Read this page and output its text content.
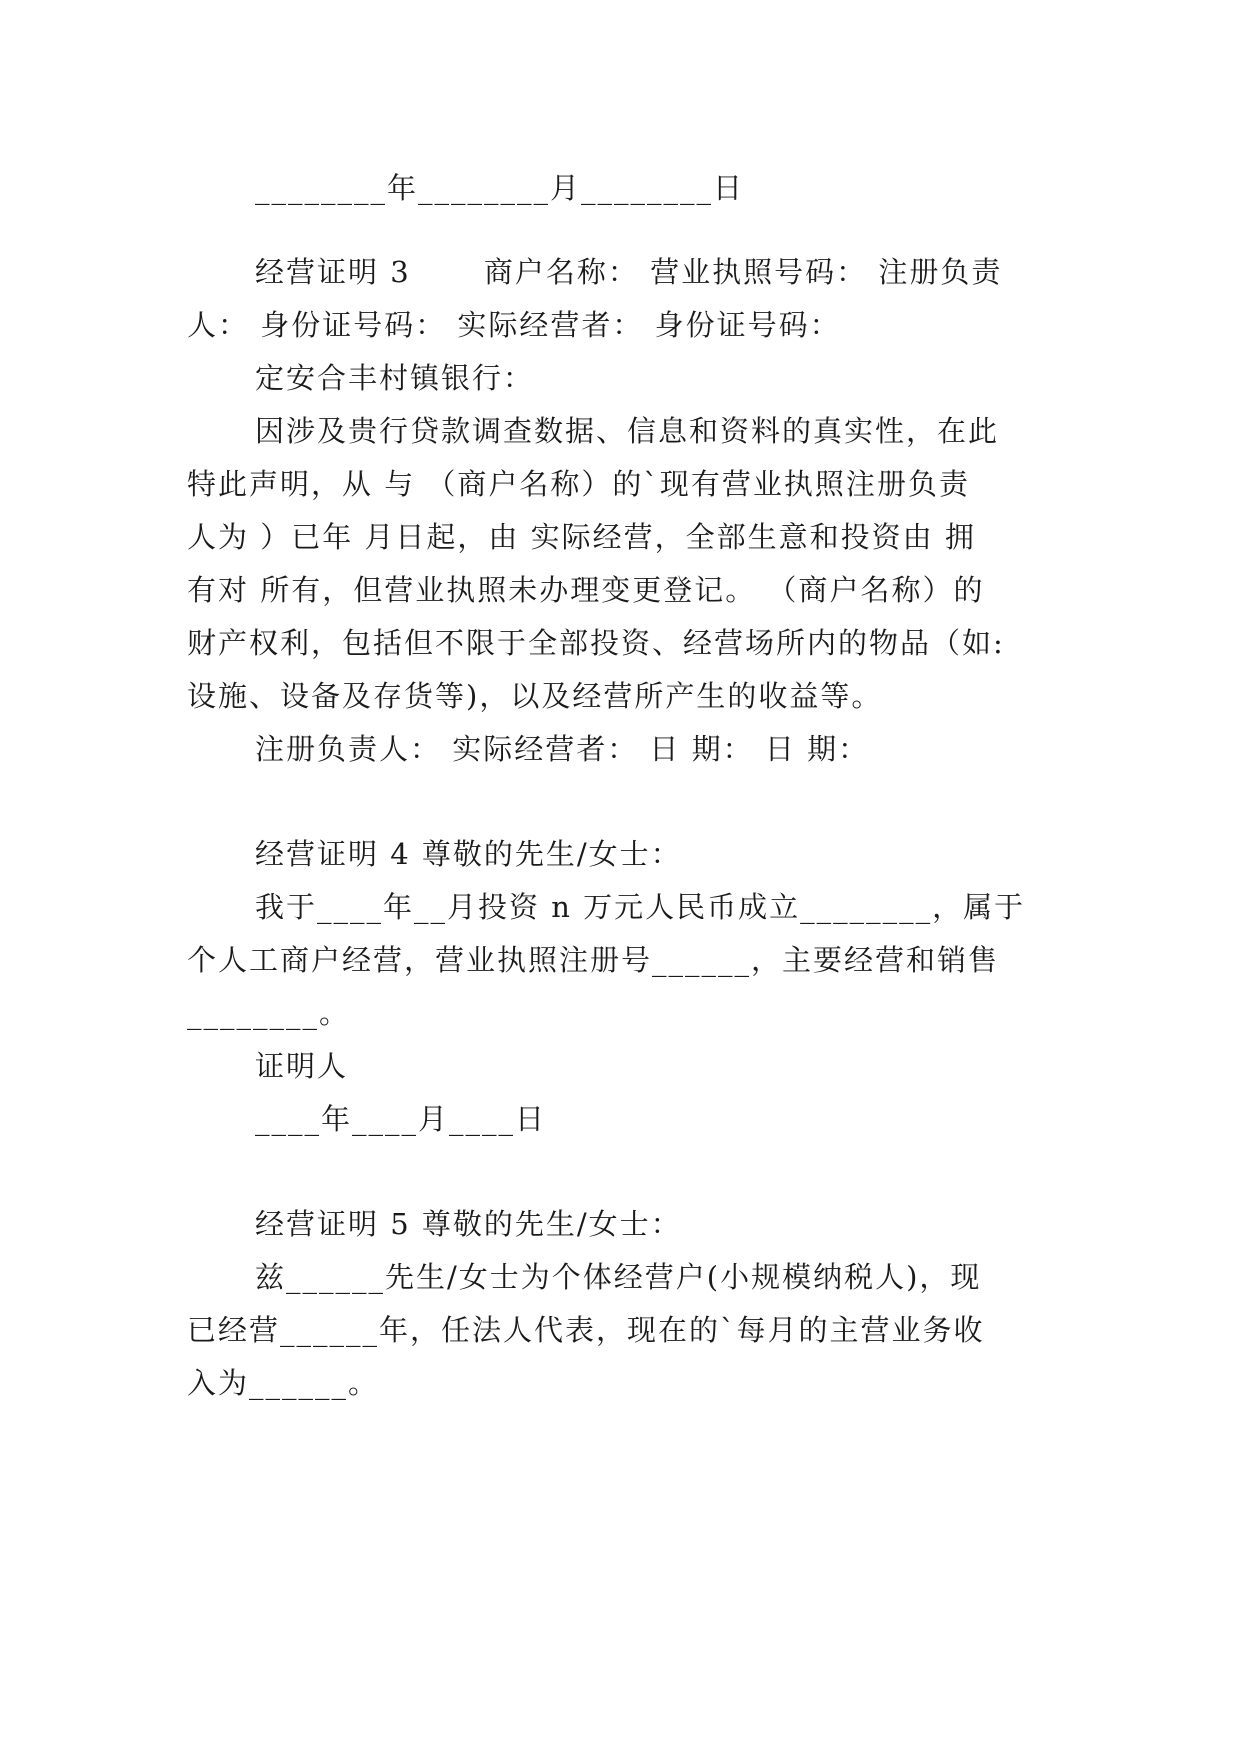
________年________月________日
经营证明 3　　 商户名称： 营业执照号码： 注册负责
人： 身份证号码： 实际经营者： 身份证号码：
定安合丰村镇银行：
因涉及贵行贷款调查数据、信息和资料的真实性，在此
特此声明，从 与 （商户名称）的`现有营业执照注册负责
人为 ）已年 月日起，由 实际经营，全部生意和投资由 拥
有对 所有，但营业执照未办理变更登记。 （商户名称）的
财产权利，包括但不限于全部投资、经营场所内的物品（如:
设施、设备及存货等)，以及经营所产生的收益等。
注册负责人： 实际经营者： 日 期： 日 期：
经营证明 4 尊敬的先生/女士：
我于____年__月投资 n 万元人民币成立________，属于
个人工商户经营，营业执照注册号______，主要经营和销售
________。
证明人
____年____月____日
经营证明 5 尊敬的先生/女士：
兹______先生/女士为个体经营户(小规模纳税人)，现
已经营______年，任法人代表，现在的`每月的主营业务收
入为______。
